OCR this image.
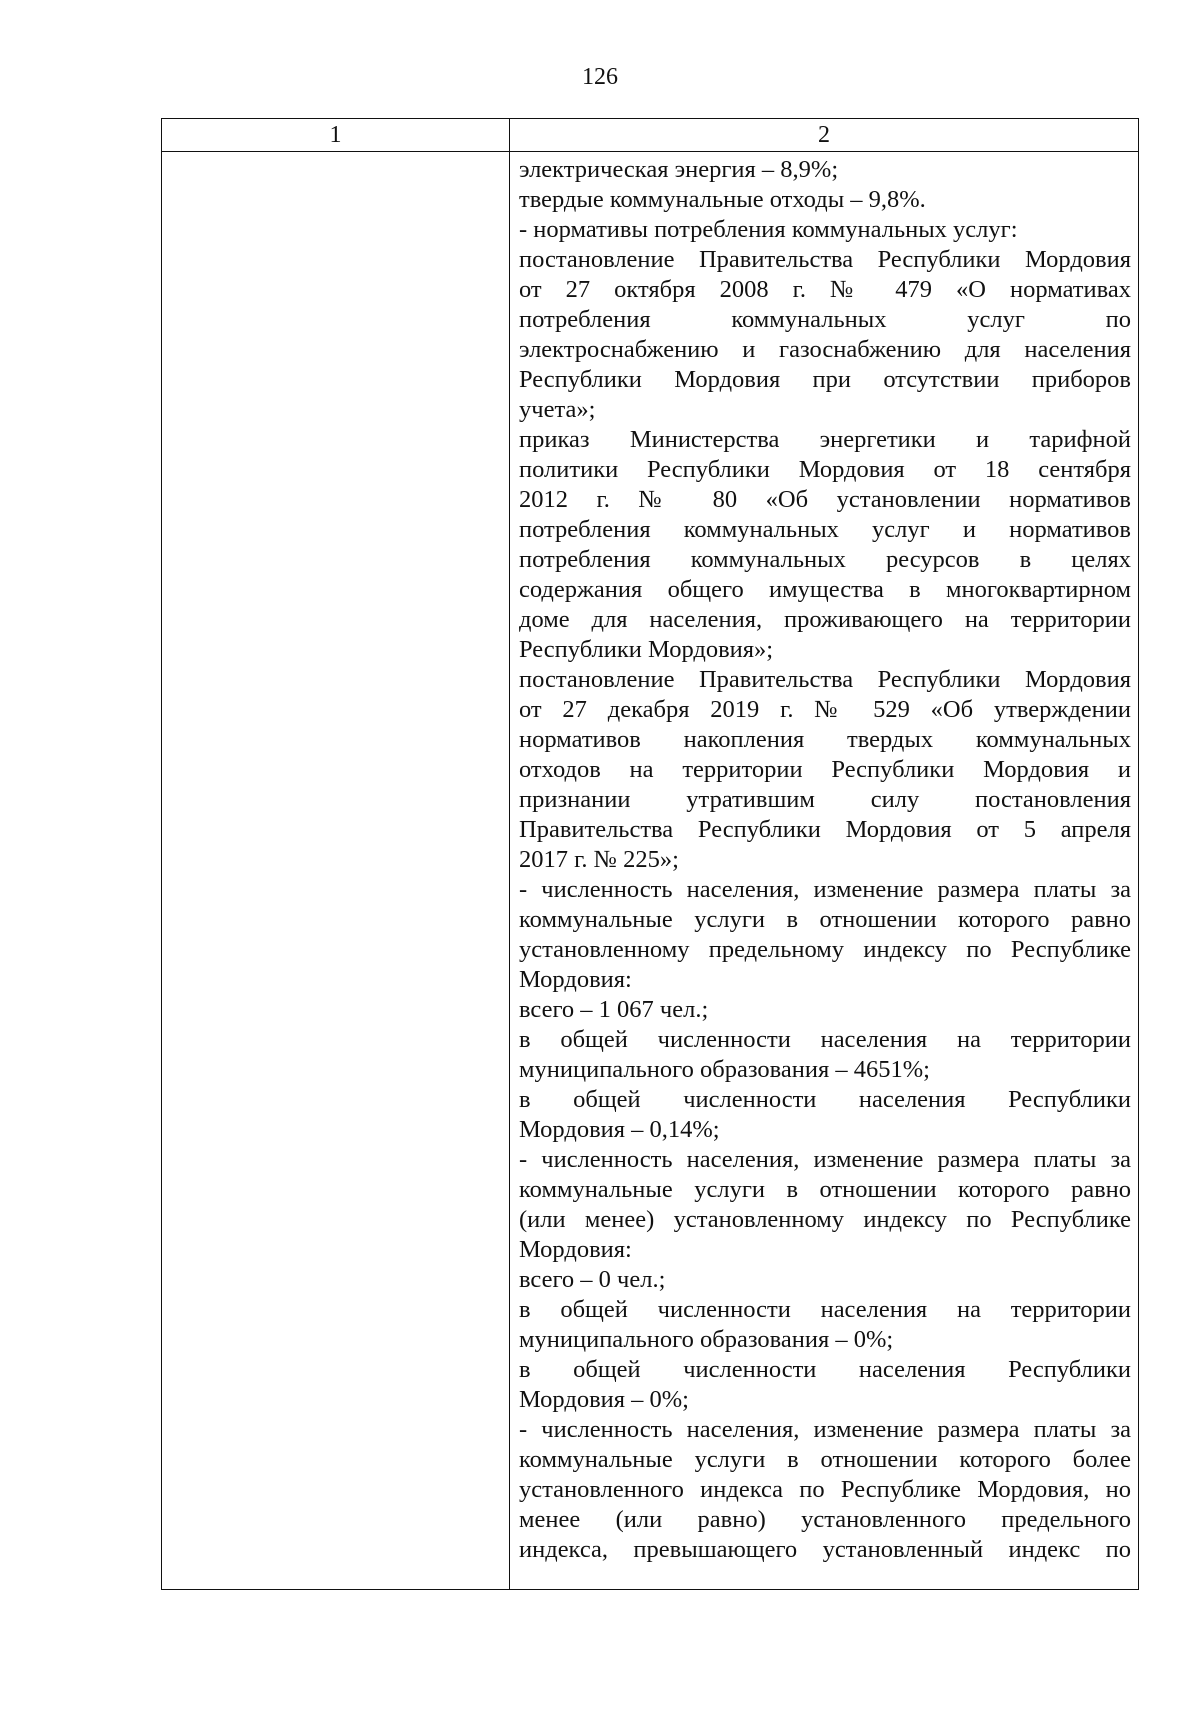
126
1	2
электрическая энергия – 8,9%;
твердые коммунальные отходы – 9,8%.
- нормативы потребления коммунальных услуг:
постановление Правительства Республики Мордовия
от 27 октября 2008 г. № 479 «О нормативах
потребления коммунальных услуг по
электроснабжению и газоснабжению для населения
Республики Мордовия при отсутствии приборов
учета»;
приказ Министерства энергетики и тарифной
политики Республики Мордовия от 18 сентября
2012 г. № 80 «Об установлении нормативов
потребления коммунальных услуг и нормативов
потребления коммунальных ресурсов в целях
содержания общего имущества в многоквартирном
доме для населения, проживающего на территории
Республики Мордовия»;
постановление Правительства Республики Мордовия
от 27 декабря 2019 г. № 529 «Об утверждении
нормативов накопления твердых коммунальных
отходов на территории Республики Мордовия и
признании утратившим силу постановления
Правительства Республики Мордовия от 5 апреля
2017 г. № 225»;
- численность населения, изменение размера платы за
коммунальные услуги в отношении которого равно
установленному предельному индексу по Республике
Мордовия:
всего – 1 067 чел.;
в общей численности населения на территории
муниципального образования – 4651%;
в общей численности населения Республики
Мордовия – 0,14%;
- численность населения, изменение размера платы за
коммунальные услуги в отношении которого равно
(или менее) установленному индексу по Республике
Мордовия:
всего – 0 чел.;
в общей численности населения на территории
муниципального образования – 0%;
в общей численности населения Республики
Мордовия – 0%;
- численность населения, изменение размера платы за
коммунальные услуги в отношении которого более
установленного индекса по Республике Мордовия, но
менее (или равно) установленного предельного
индекса, превышающего установленный индекс по
